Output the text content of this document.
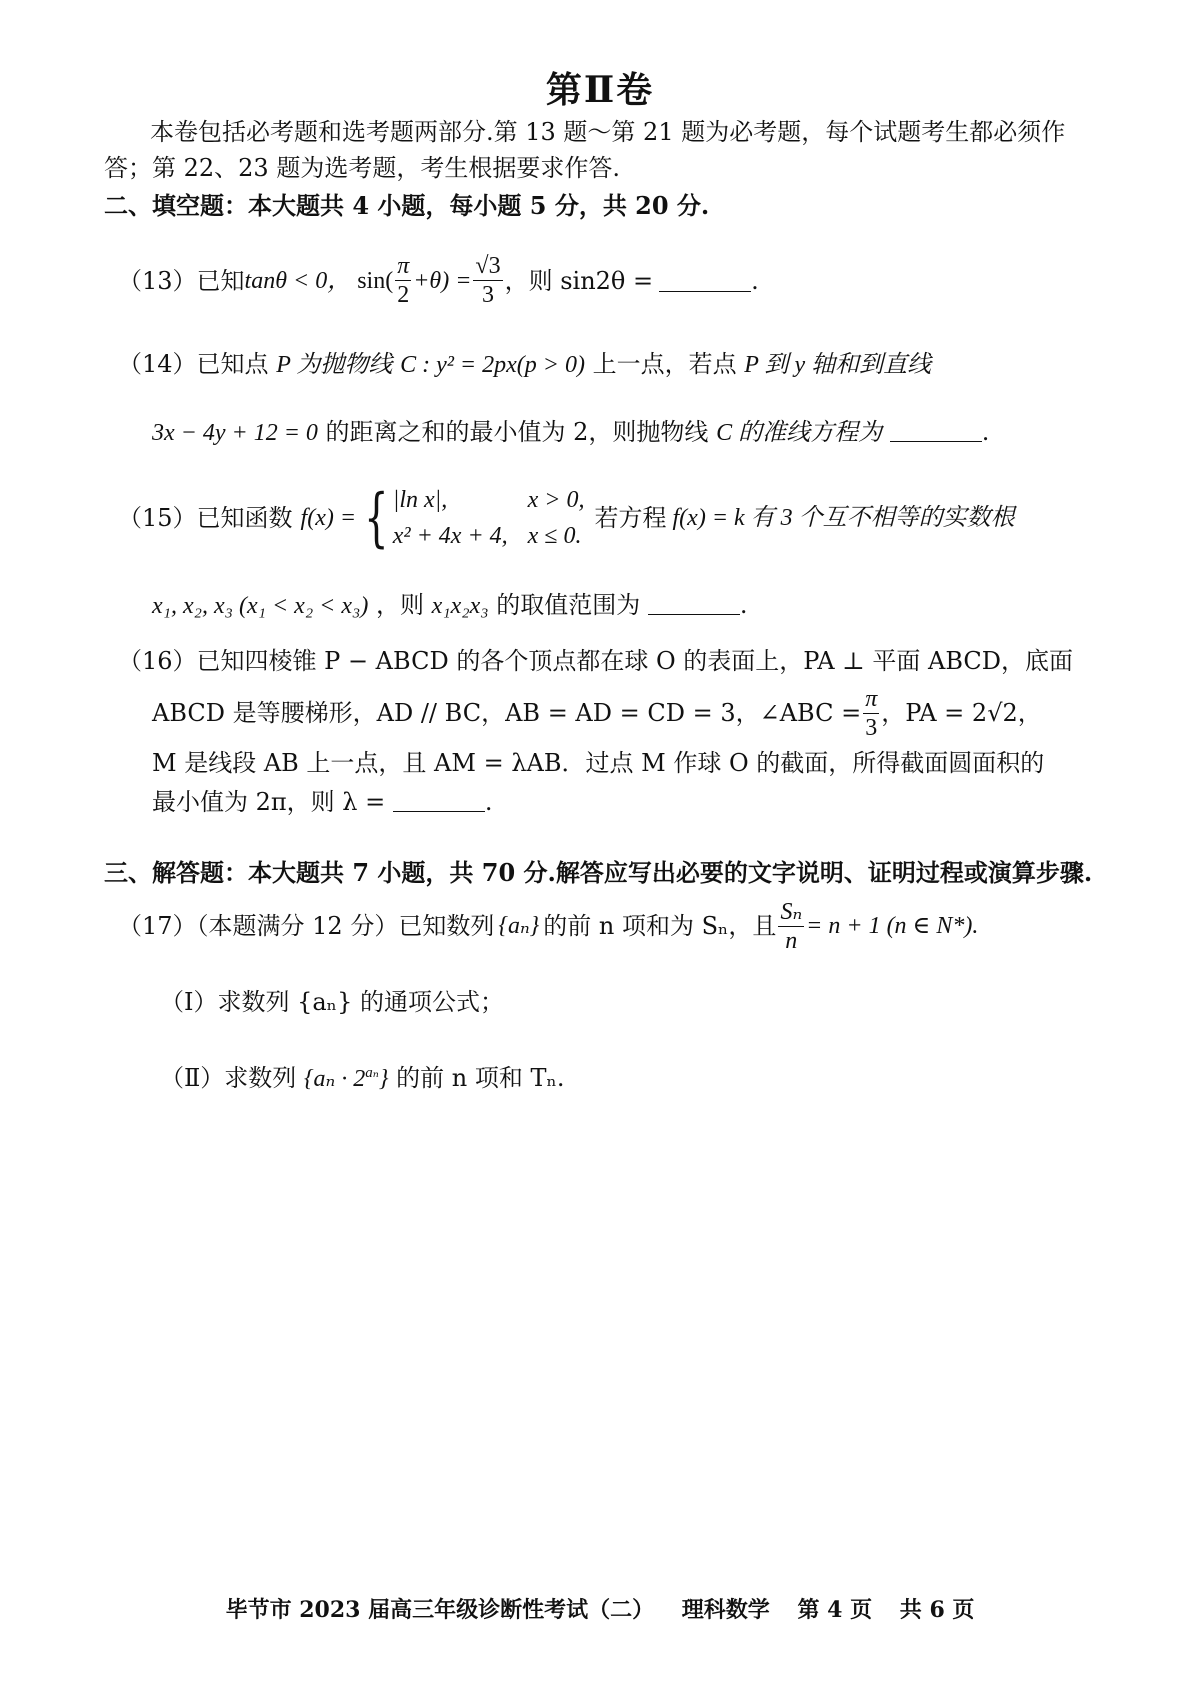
第Ⅱ卷
本卷包括必考题和选考题两部分.第 13 题～第 21 题为必考题，每个试题考生都必须作
答；第 22、23 题为选考题，考生根据要求作答.
二、填空题：本大题共 4 小题，每小题 5 分，共 20 分.
（13）已知 tanθ < 0， $\sin( \frac{\pi}{2} +\theta) = \frac{√3}{3}$ ，则 sin2θ =	.
（14）已知点 P 为抛物线 C : y² = 2px(p > 0) 上一点，若点 P 到 y 轴和到直线
3x − 4y + 12 = 0 的距离之和的最小值为 2，则抛物线 C 的准线方程为	.
（15）已知函数 f(x) = { |ln x|,	x > 0,
x² + 4x + 4, x ≤ 0.
若方程 f(x) = k 有 3 个互不相等的实数根
x₁, x₂, x₃ (x₁ < x₂ < x₃) ，则 x₁x₂x₃ 的取值范围为	.
（16）已知四棱锥 P − ABCD 的各个顶点都在球 O 的表面上，PA ⊥ 平面 ABCD，底面
ABCD 是等腰梯形，AD // BC，AB = AD = CD = 3，∠ABC = $\frac{\pi}{3}$ ，PA = 2√2，
M 是线段 AB 上一点，且 AM = λAB．过点 M 作球 O 的截面，所得截面圆面积的
最小值为 2π，则 λ =	.
三、解答题：本大题共 7 小题，共 70 分.解答应写出必要的文字说明、证明过程或演算步骤.
（17）（本题满分 12 分）已知数列 {aₙ} 的前 n 项和为 Sₙ，且 $\frac{\text{Sₙ}}{n} = n + 1$ (n ∈ N*).
（Ⅰ）求数列 {aₙ} 的通项公式；
（Ⅱ）求数列 $\{a_n \cdot 2^{a_n}\}$ 的前 n 项和 Tₙ.
毕节市 2023 届高三年级诊断性考试（二） 理科数学 第 4 页 共 6 页
